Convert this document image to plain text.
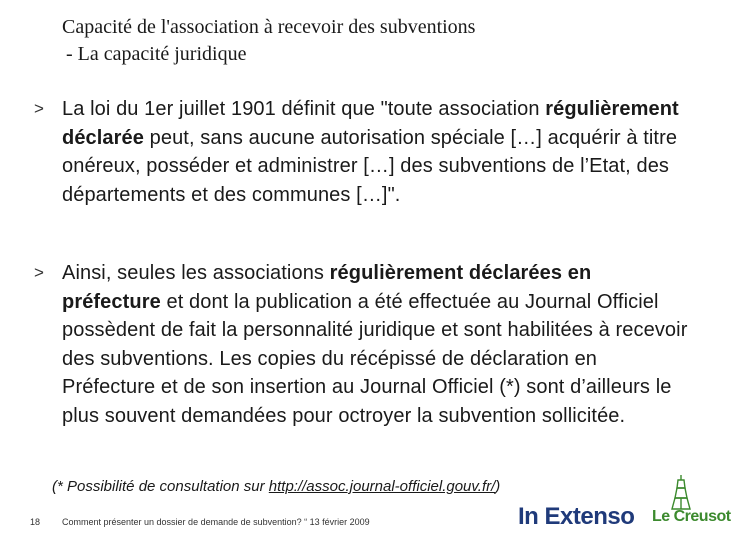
Capacité de l'association à recevoir des subventions

- La capacité juridique
> La loi du 1er juillet 1901 définit que "toute association régulièrement déclarée peut, sans aucune autorisation spéciale […] acquérir à titre onéreux, posséder et administrer […] des subventions de l’Etat, des départements et des communes […]".
> Ainsi, seules les associations régulièrement déclarées en préfecture et dont la publication a été effectuée au Journal Officiel possèdent de fait la personnalité juridique et sont habilitées à recevoir des subventions. Les copies du récépissé de déclaration en Préfecture et de son insertion au Journal Officiel (*) sont d’ailleurs le plus souvent demandées pour octroyer la subvention sollicitée.
(* Possibilité de consultation sur http://assoc.journal-officiel.gouv.fr/)
18 Comment présenter un dossier de demande de subvention? “ 13 février 2009	In Extenso Le Creusot
